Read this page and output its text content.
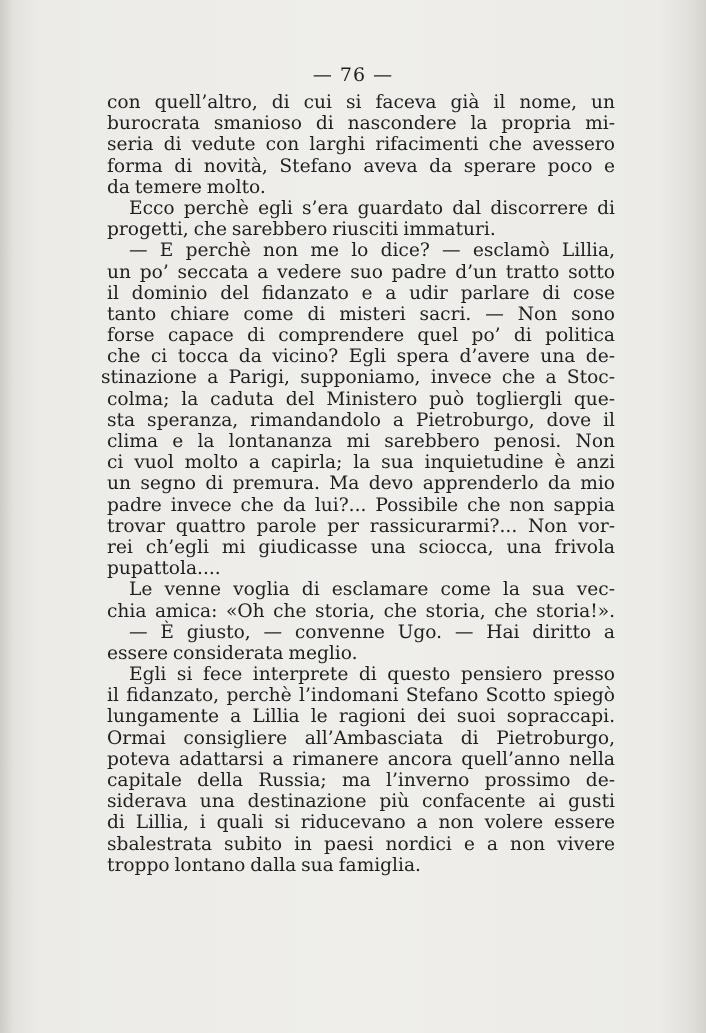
— 76 —
con quell’altro, di cui si faceva già il nome, un
burocrata smanioso di nascondere la propria mi-
seria di vedute con larghi rifacimenti che avessero
forma di novità, Stefano aveva da sperare poco e
da temere molto.
Ecco perchè egli s’era guardato dal discorrere di
progetti, che sarebbero riusciti immaturi.
— E perchè non me lo dice? — esclamò Lillia,
un po’ seccata a vedere suo padre d’un tratto sotto
il dominio del fidanzato e a udir parlare di cose
tanto chiare come di misteri sacri. — Non sono
forse capace di comprendere quel po’ di politica
che ci tocca da vicino? Egli spera d’avere una de-
stinazione a Parigi, supponiamo, invece che a Stoc-
colma; la caduta del Ministero può togliergli que-
sta speranza, rimandandolo a Pietroburgo, dove il
clima e la lontananza mi sarebbero penosi. Non
ci vuol molto a capirla; la sua inquietudine è anzi
un segno di premura. Ma devo apprenderlo da mio
padre invece che da lui?... Possibile che non sappia
trovar quattro parole per rassicurarmi?... Non vor-
rei ch’egli mi giudicasse una sciocca, una frivola
pupattola....
Le venne voglia di esclamare come la sua vec-
chia amica: «Oh che storia, che storia, che storia!».
— È giusto, — convenne Ugo. — Hai diritto a
essere considerata meglio.
Egli si fece interprete di questo pensiero presso
il fidanzato, perchè l’indomani Stefano Scotto spiegò
lungamente a Lillia le ragioni dei suoi sopraccapi.
Ormai consigliere all’Ambasciata di Pietroburgo,
poteva adattarsi a rimanere ancora quell’anno nella
capitale della Russia; ma l’inverno prossimo de-
siderava una destinazione più confacente ai gusti
di Lillia, i quali si riducevano a non volere essere
sbalestrata subito in paesi nordici e a non vivere
troppo lontano dalla sua famiglia.
